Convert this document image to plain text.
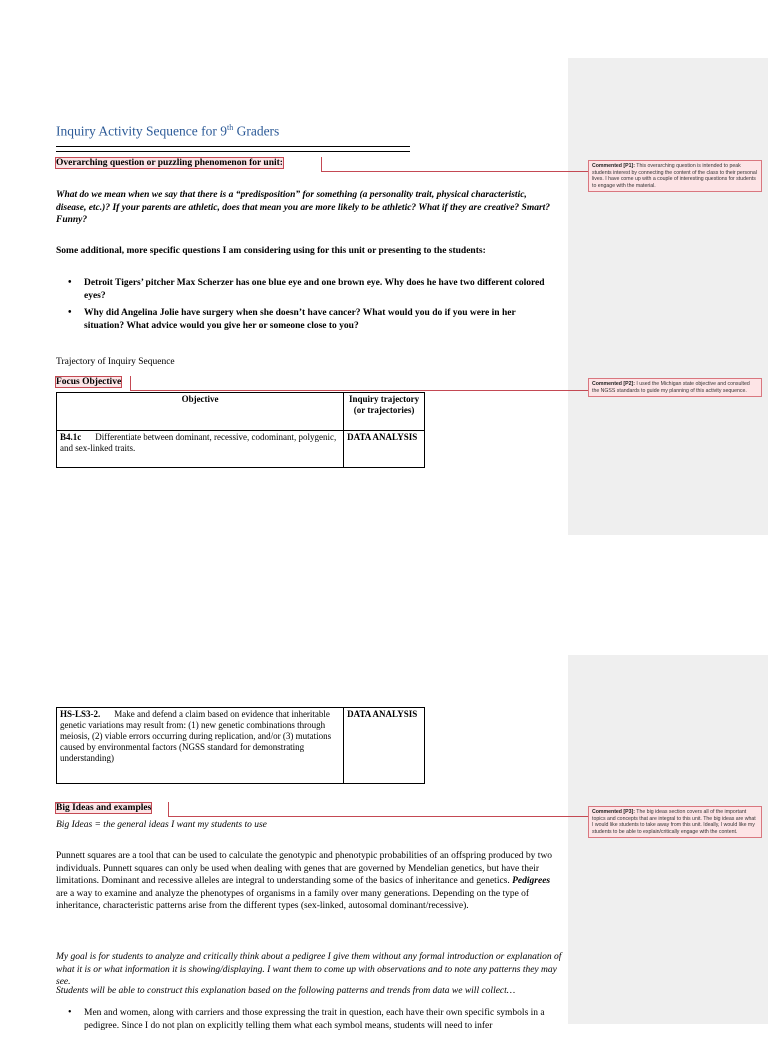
Commented [P1]: This overarching question is intended to peak students interest by connecting the content of the class to their personal lives. I have come up with a couple of interesting questions for students to engage with the material.
Commented [P2]: I used the Michigan state objective and consulted the NGSS standards to guide my planning of this activity sequence.
Inquiry Activity Sequence for 9th Graders
Overarching question or puzzling phenomenon for unit:
What do we mean when we say that there is a “predisposition” for something (a personality trait, physical characteristic, disease, etc.)? If your parents are athletic, does that mean you are more likely to be athletic? What if they are creative? Smart? Funny?
Some additional, more specific questions I am considering using for this unit or presenting to the students:
• Detroit Tigers’ pitcher Max Scherzer has one blue eye and one brown eye. Why does he have two different colored eyes?
• Why did Angelina Jolie have surgery when she doesn’t have cancer? What would you do if you were in her situation? What advice would you give her or someone close to you?
Trajectory of Inquiry Sequence
Focus Objective
Objective	Inquiry trajectory (or trajectories)
B4.1c Differentiate between dominant, recessive, codominant, polygenic, and sex-linked traits.	DATA ANALYSIS
Commented [P3]: The big ideas section covers all of the important topics and concepts that are integral to this unit. The big ideas are what I would like students to take away from this unit. Ideally, I would like my students to be able to explain/critically engage with the content.
HS-LS3-2. Make and defend a claim based on evidence that inheritable genetic variations may result from: (1) new genetic combinations through meiosis, (2) viable errors occurring during replication, and/or (3) mutations caused by environmental factors (NGSS standard for demonstrating understanding)	DATA ANALYSIS
Big Ideas and examples
Big Ideas = the general ideas I want my students to use
Punnett squares are a tool that can be used to calculate the genotypic and phenotypic probabilities of an offspring produced by two individuals. Punnett squares can only be used when dealing with genes that are governed by Mendelian genetics, but have their limitations. Dominant and recessive alleles are integral to understanding some of the basics of inheritance and genetics. Pedigrees are a way to examine and analyze the phenotypes of organisms in a family over many generations. Depending on the type of inheritance, characteristic patterns arise from the different types (sex-linked, autosomal dominant/recessive).
My goal is for students to analyze and critically think about a pedigree I give them without any formal introduction or explanation of what it is or what information it is showing/displaying. I want them to come up with observations and to note any patterns they may see.
Students will be able to construct this explanation based on the following patterns and trends from data we will collect…
• Men and women, along with carriers and those expressing the trait in question, each have their own specific symbols in a pedigree. Since I do not plan on explicitly telling them what each symbol means, students will need to infer
